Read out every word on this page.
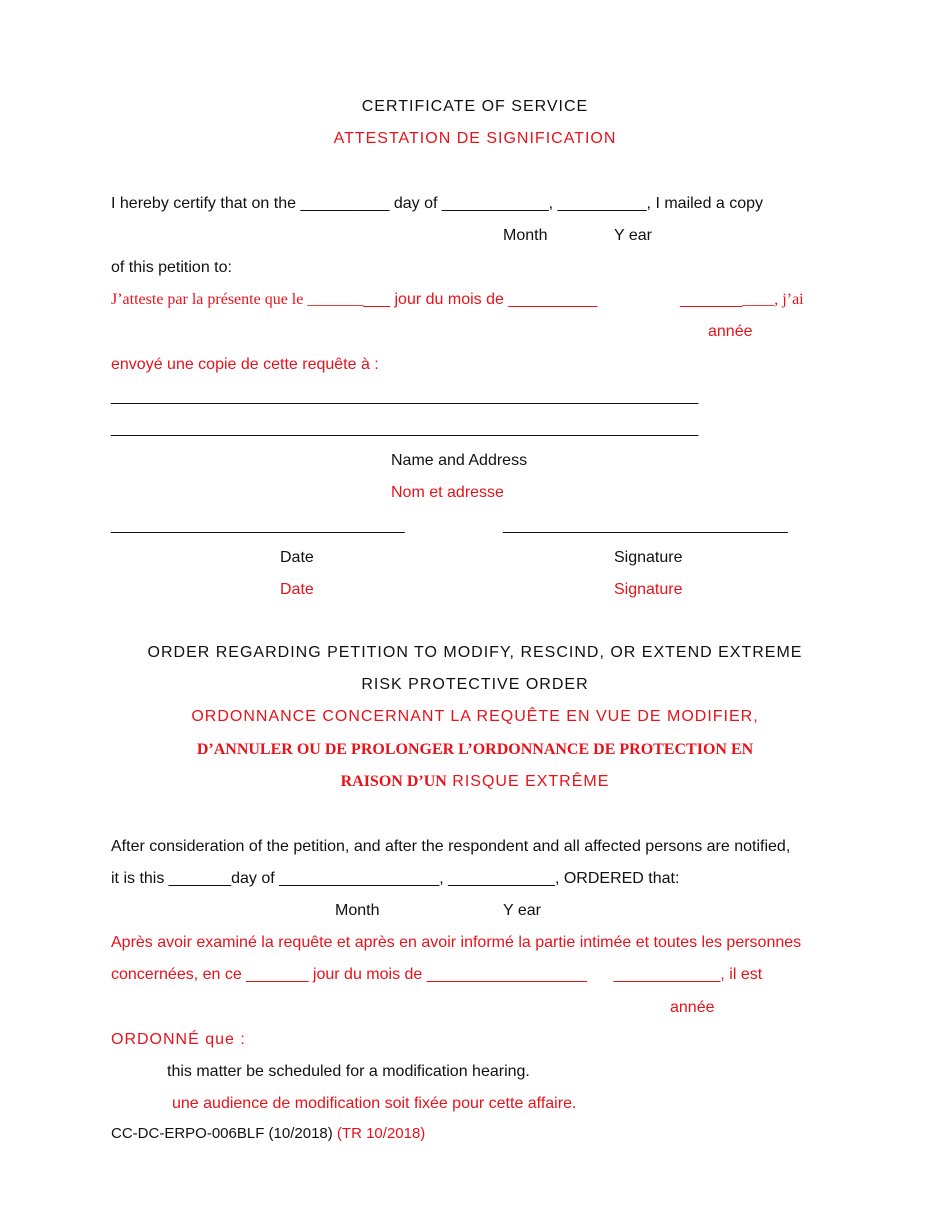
CERTIFICATE OF SERVICE
ATTESTATION DE SIGNIFICATION
I hereby certify that on the __________ day of ____________, __________, I mailed a copy
Month	Y ear
of this petition to:
J’atteste par la présente que le __________ jour du mois de __________	___________, j’ai
année
envoyé une copie de cette requête à :
__________________________________________________________________
__________________________________________________________________
Name and Address
Nom et adresse
_________________________________	________________________________
Date	Signature
Date	Signature
ORDER REGARDING PETITION TO MODIFY, RESCIND, OR EXTEND EXTREME
RISK PROTECTIVE ORDER
ORDONNANCE CONCERNANT LA REQUÊTE EN VUE DE MODIFIER,
D’ANNULER OU DE PROLONGER L’ORDONNANCE DE PROTECTION EN
RAISON D’UN RISQUE EXTRÊME
After consideration of the petition, and after the respondent and all affected persons are notified,
it is this _______day of __________________, ____________, ORDERED that:
Month	Y ear
Après avoir examiné la requête et après en avoir informé la partie intimée et toutes les personnes
concernées, en ce _______ jour du mois de __________________      ____________, il est
année
ORDONNÉ que :
this matter be scheduled for a modification hearing.
une audience de modification soit fixée pour cette affaire.
CC-DC-ERPO-006BLF (10/2018) (TR 10/2018)
